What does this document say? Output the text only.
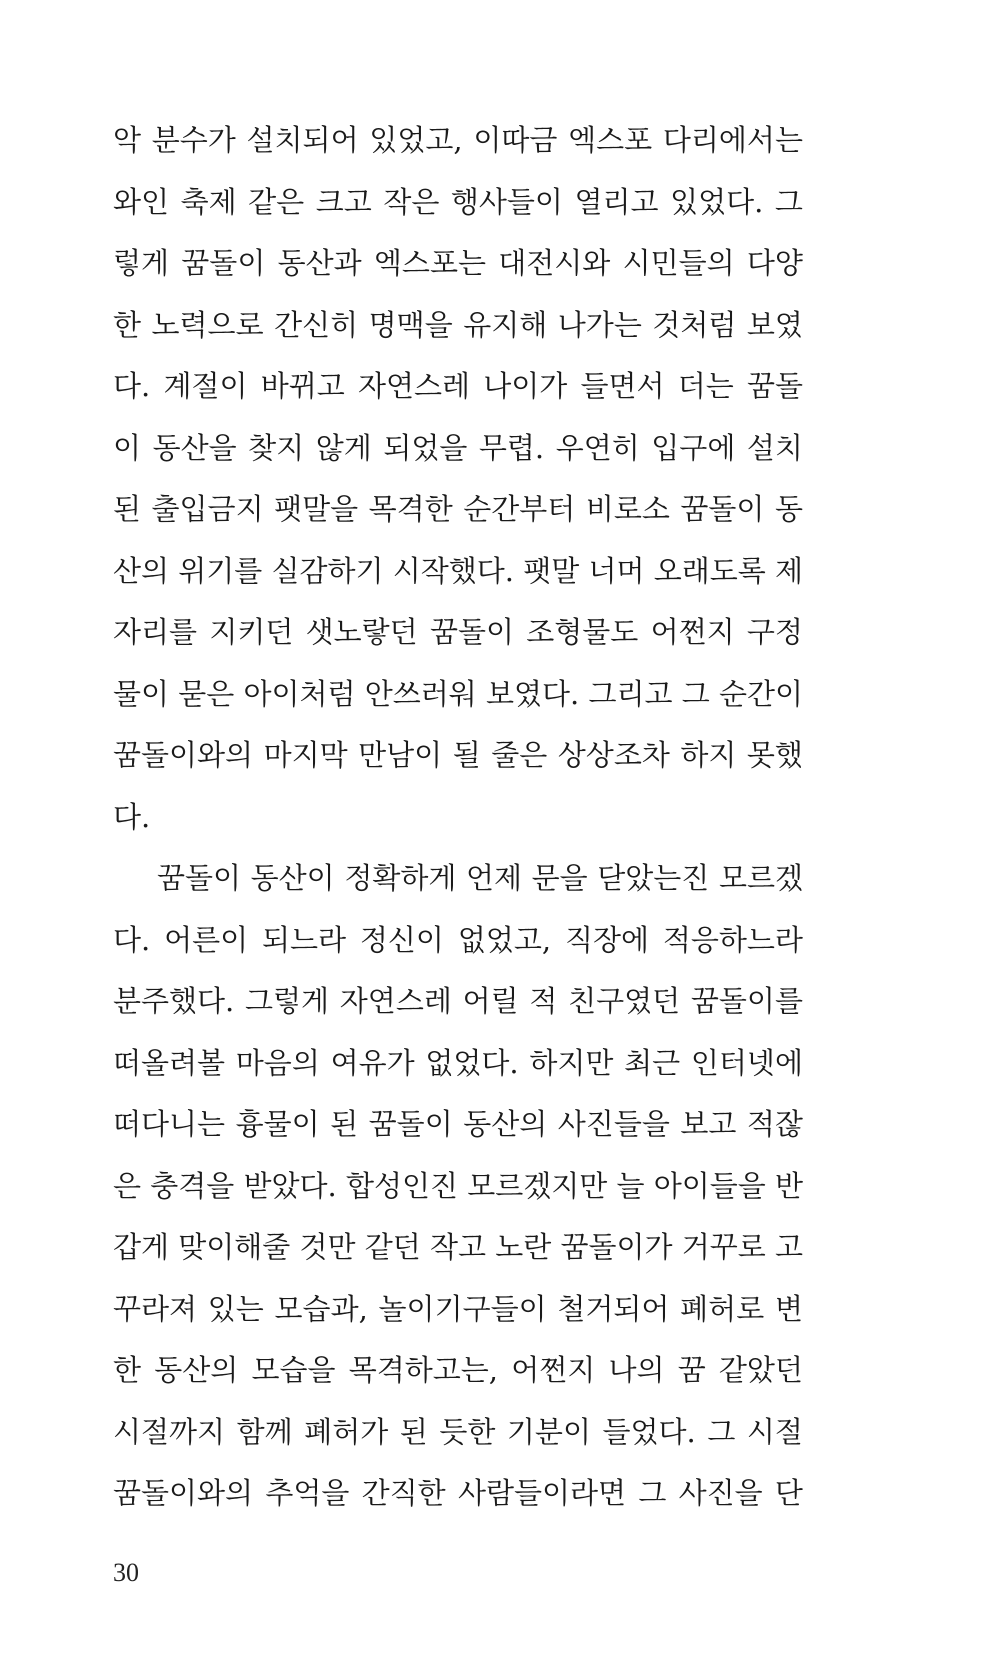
악 분수가 설치되어 있었고, 이따금 엑스포 다리에서는
와인 축제 같은 크고 작은 행사들이 열리고 있었다. 그
렇게 꿈돌이 동산과 엑스포는 대전시와 시민들의 다양
한 노력으로 간신히 명맥을 유지해 나가는 것처럼 보였
다. 계절이 바뀌고 자연스레 나이가 들면서 더는 꿈돌
이 동산을 찾지 않게 되었을 무렵. 우연히 입구에 설치
된 출입금지 팻말을 목격한 순간부터 비로소 꿈돌이 동
산의 위기를 실감하기 시작했다. 팻말 너머 오래도록 제
자리를 지키던 샛노랗던 꿈돌이 조형물도 어쩐지 구정
물이 묻은 아이처럼 안쓰러워 보였다. 그리고 그 순간이
꿈돌이와의 마지막 만남이 될 줄은 상상조차 하지 못했
다.
꿈돌이 동산이 정확하게 언제 문을 닫았는진 모르겠
다. 어른이 되느라 정신이 없었고, 직장에 적응하느라
분주했다. 그렇게 자연스레 어릴 적 친구였던 꿈돌이를
떠올려볼 마음의 여유가 없었다. 하지만 최근 인터넷에
떠다니는 흉물이 된 꿈돌이 동산의 사진들을 보고 적잖
은 충격을 받았다. 합성인진 모르겠지만 늘 아이들을 반
갑게 맞이해줄 것만 같던 작고 노란 꿈돌이가 거꾸로 고
꾸라져 있는 모습과, 놀이기구들이 철거되어 폐허로 변
한 동산의 모습을 목격하고는, 어쩐지 나의 꿈 같았던
시절까지 함께 폐허가 된 듯한 기분이 들었다. 그 시절
꿈돌이와의 추억을 간직한 사람들이라면 그 사진을 단
30
